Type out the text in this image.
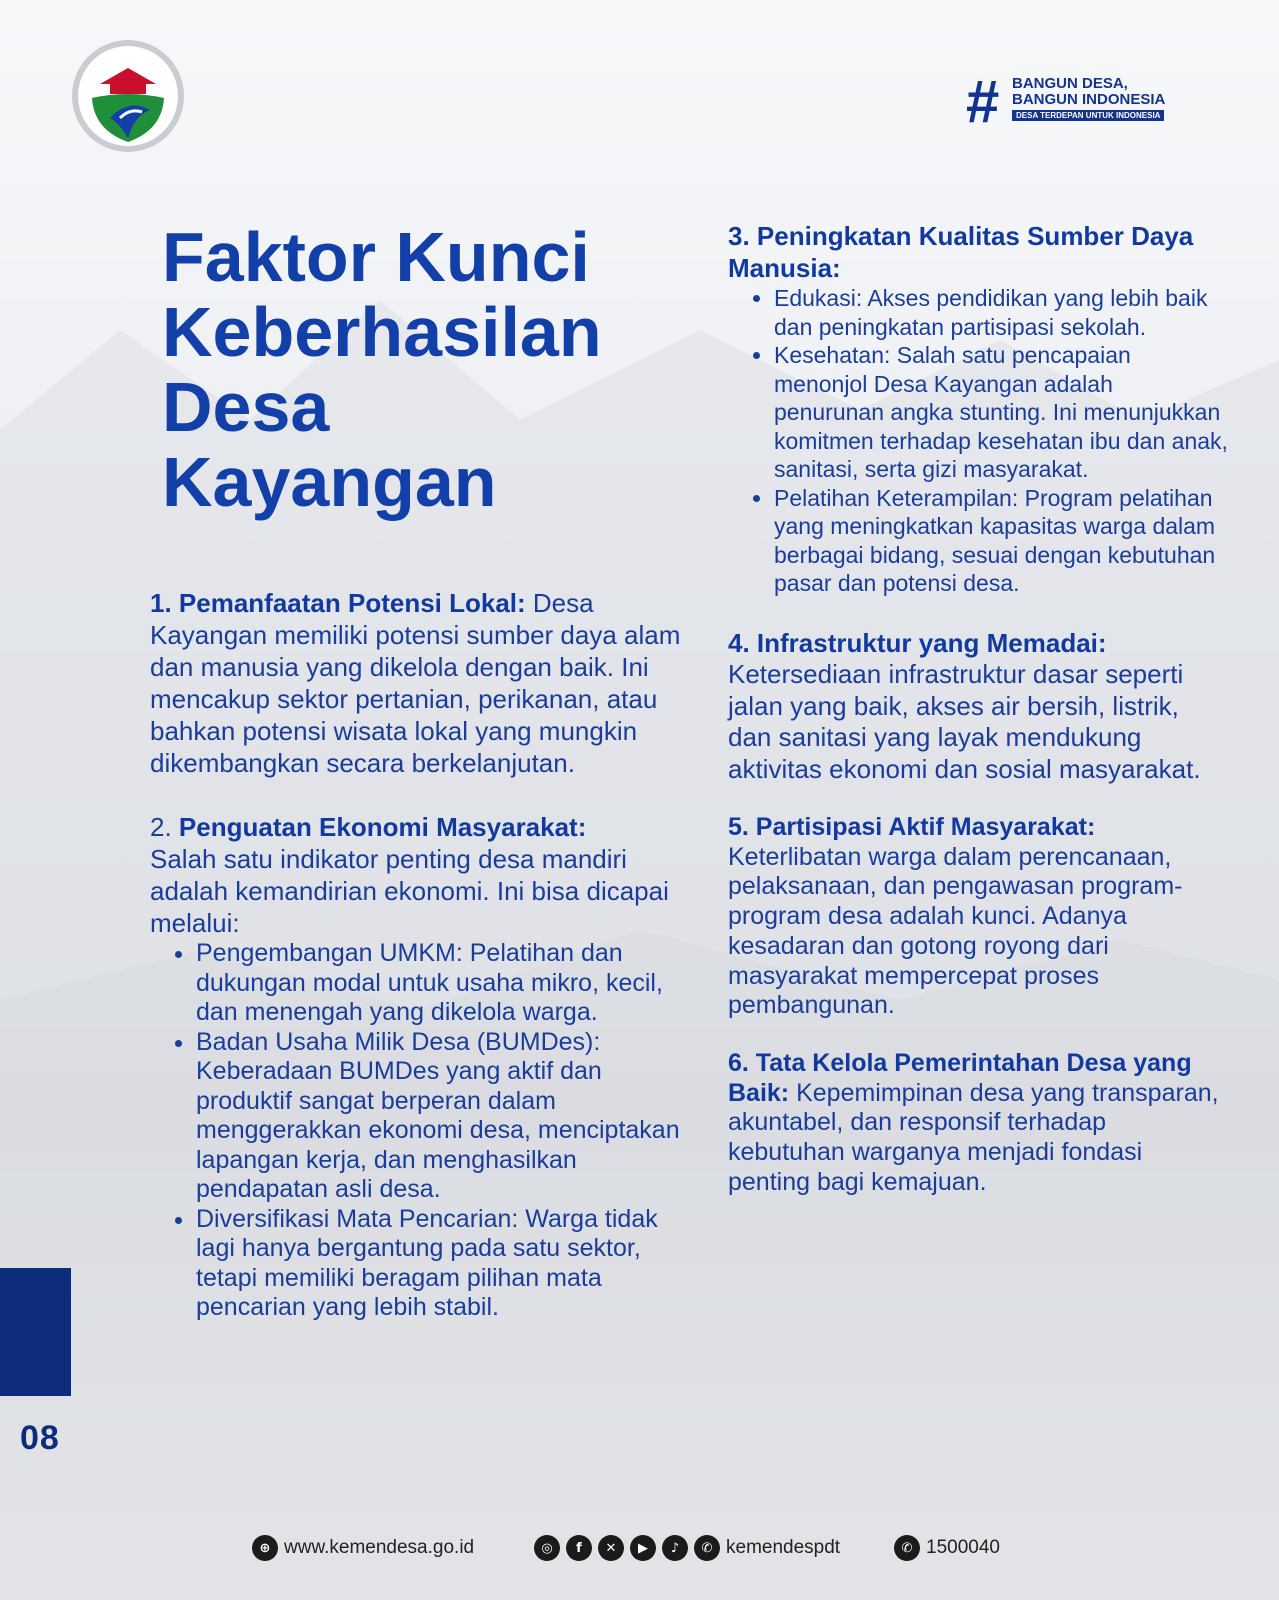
# BANGUN DESA,
BANGUN INDONESIA
DESA TERDEPAN UNTUK INDONESIA
Faktor Kunci
Keberhasilan
Desa
Kayangan

1. Pemanfaatan Potensi Lokal: Desa Kayangan memiliki potensi sumber daya alam dan manusia yang dikelola dengan baik. Ini mencakup sektor pertanian, perikanan, atau bahkan potensi wisata lokal yang mungkin dikembangkan secara berkelanjutan.

2. Penguatan Ekonomi Masyarakat:
Salah satu indikator penting desa mandiri adalah kemandirian ekonomi. Ini bisa dicapai melalui:

• Pengembangan UMKM: Pelatihan dan dukungan modal untuk usaha mikro, kecil, dan menengah yang dikelola warga.
• Badan Usaha Milik Desa (BUMDes): Keberadaan BUMDes yang aktif dan produktif sangat berperan dalam menggerakkan ekonomi desa, menciptakan lapangan kerja, dan menghasilkan pendapatan asli desa.
• Diversifikasi Mata Pencarian: Warga tidak lagi hanya bergantung pada satu sektor, tetapi memiliki beragam pilihan mata pencarian yang lebih stabil.

3. Peningkatan Kualitas Sumber Daya Manusia:

• Edukasi: Akses pendidikan yang lebih baik dan peningkatan partisipasi sekolah.
• Kesehatan: Salah satu pencapaian menonjol Desa Kayangan adalah penurunan angka stunting. Ini menunjukkan komitmen terhadap kesehatan ibu dan anak, sanitasi, serta gizi masyarakat.
• Pelatihan Keterampilan: Program pelatihan yang meningkatkan kapasitas warga dalam berbagai bidang, sesuai dengan kebutuhan pasar dan potensi desa.

4. Infrastruktur yang Memadai:
Ketersediaan infrastruktur dasar seperti jalan yang baik, akses air bersih, listrik, dan sanitasi yang layak mendukung aktivitas ekonomi dan sosial masyarakat.

5. Partisipasi Aktif Masyarakat:
Keterlibatan warga dalam perencanaan, pelaksanaan, dan pengawasan program-program desa adalah kunci. Adanya kesadaran dan gotong royong dari masyarakat mempercepat proses pembangunan.

6. Tata Kelola Pemerintahan Desa yang Baik: Kepemimpinan desa yang transparan, akuntabel, dan responsif terhadap kebutuhan warganya menjadi fondasi penting bagi kemajuan.

08
⊕ www.kemendesa.go.id	◎	f	✕	▶	♪	✆ kemendespdt	✆ 1500040
